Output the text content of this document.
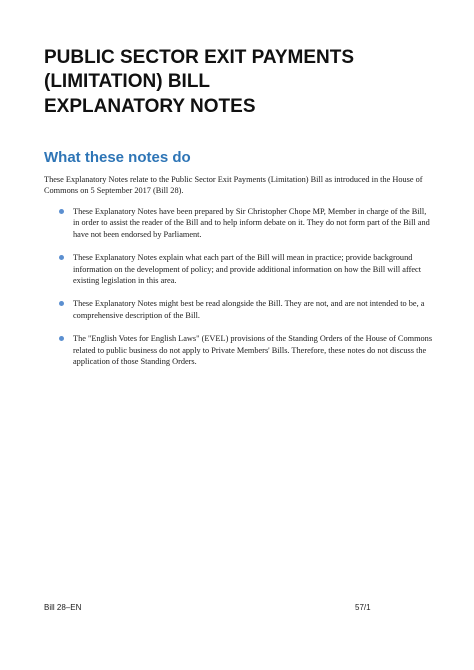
PUBLIC SECTOR EXIT PAYMENTS (LIMITATION) BILL
EXPLANATORY NOTES
What these notes do

These Explanatory Notes relate to the Public Sector Exit Payments (Limitation) Bill as introduced in the House of Commons on 5 September 2017 (Bill 28).

These Explanatory Notes have been prepared by Sir Christopher Chope MP, Member in charge of the Bill, in order to assist the reader of the Bill and to help inform debate on it. They do not form part of the Bill and have not been endorsed by Parliament.
These Explanatory Notes explain what each part of the Bill will mean in practice; provide background information on the development of policy; and provide additional information on how the Bill will affect existing legislation in this area.
These Explanatory Notes might best be read alongside the Bill. They are not, and are not intended to be, a comprehensive description of the Bill.
The "English Votes for English Laws" (EVEL) provisions of the Standing Orders of the House of Commons related to public business do not apply to Private Members' Bills. Therefore, these notes do not discuss the application of those Standing Orders.
Bill 28–EN	57/1
